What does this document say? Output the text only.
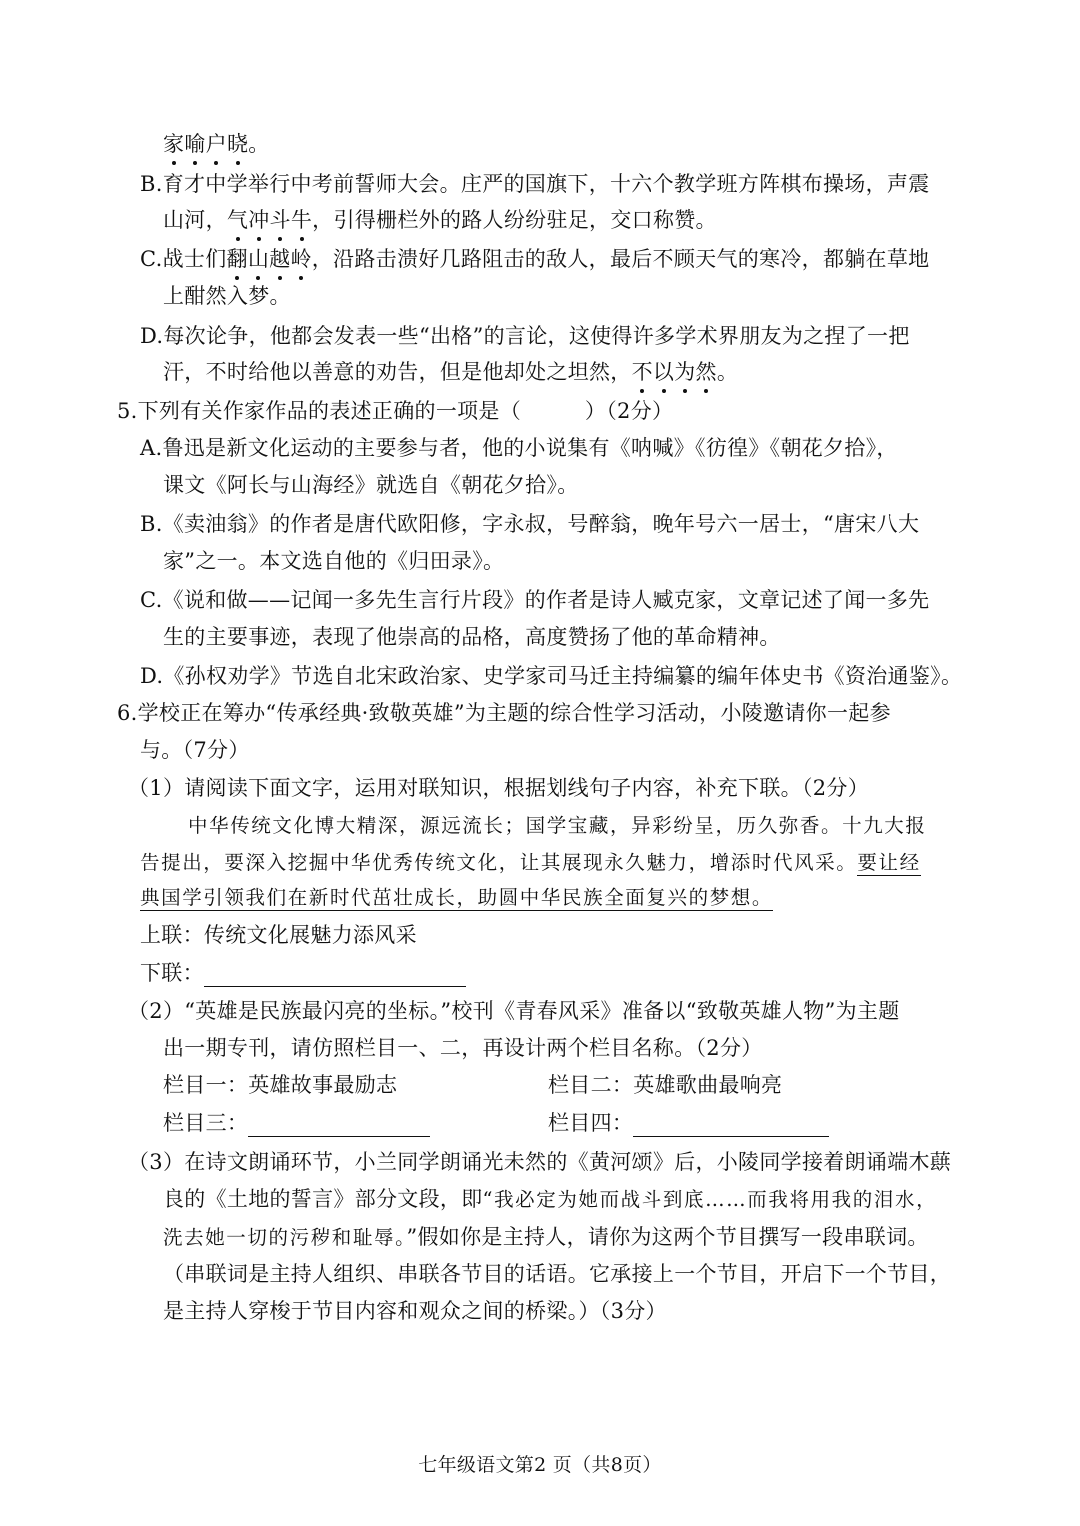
家喻户晓。
B.育才中学举行中考前誓师大会。庄严的国旗下，十六个教学班方阵棋布操场，声震
山河，气冲斗牛，引得栅栏外的路人纷纷驻足，交口称赞。
C.战士们翻山越岭，沿路击溃好几路阻击的敌人，最后不顾天气的寒冷，都躺在草地
上酣然入梦。
D.每次论争，他都会发表一些“出格”的言论，这使得许多学术界朋友为之捏了一把
汗，不时给他以善意的劝告，但是他却处之坦然，不以为然。
5.下列有关作家作品的表述正确的一项是（　　　）（2分）
A.鲁迅是新文化运动的主要参与者，他的小说集有《呐喊》《彷徨》《朝花夕拾》，
课文《阿长与山海经》就选自《朝花夕拾》。
B.《卖油翁》的作者是唐代欧阳修，字永叔，号醉翁，晚年号六一居士，“唐宋八大
家”之一。本文选自他的《归田录》。
C.《说和做——记闻一多先生言行片段》的作者是诗人臧克家，文章记述了闻一多先
生的主要事迹，表现了他崇高的品格，高度赞扬了他的革命精神。
D.《孙权劝学》节选自北宋政治家、史学家司马迁主持编纂的编年体史书《资治通鉴》。
6.学校正在筹办“传承经典·致敬英雄”为主题的综合性学习活动，小陵邀请你一起参
与。（7分）
（1）请阅读下面文字，运用对联知识，根据划线句子内容，补充下联。（2分）
中华传统文化博大精深，源远流长；国学宝藏，异彩纷呈，历久弥香。十九大报
告提出，要深入挖掘中华优秀传统文化，让其展现永久魅力，增添时代风采。要让经
典国学引领我们在新时代茁壮成长，助圆中华民族全面复兴的梦想。
上联：传统文化展魅力添风采
下联：
（2）“英雄是民族最闪亮的坐标。”校刊《青春风采》准备以“致敬英雄人物”为主题
出一期专刊，请仿照栏目一、二，再设计两个栏目名称。（2分）
栏目一：英雄故事最励志	栏目二：英雄歌曲最响亮
栏目三：	栏目四：
（3）在诗文朗诵环节，小兰同学朗诵光未然的《黄河颂》后，小陵同学接着朗诵端木蕻
良的《土地的誓言》部分文段，即“我必定为她而战斗到底……而我将用我的泪水，
洗去她一切的污秽和耻辱。”假如你是主持人，请你为这两个节目撰写一段串联词。
（串联词是主持人组织、串联各节目的话语。它承接上一个节目，开启下一个节目，
是主持人穿梭于节目内容和观众之间的桥梁。）（3分）
七年级语文第2 页（共8页）
